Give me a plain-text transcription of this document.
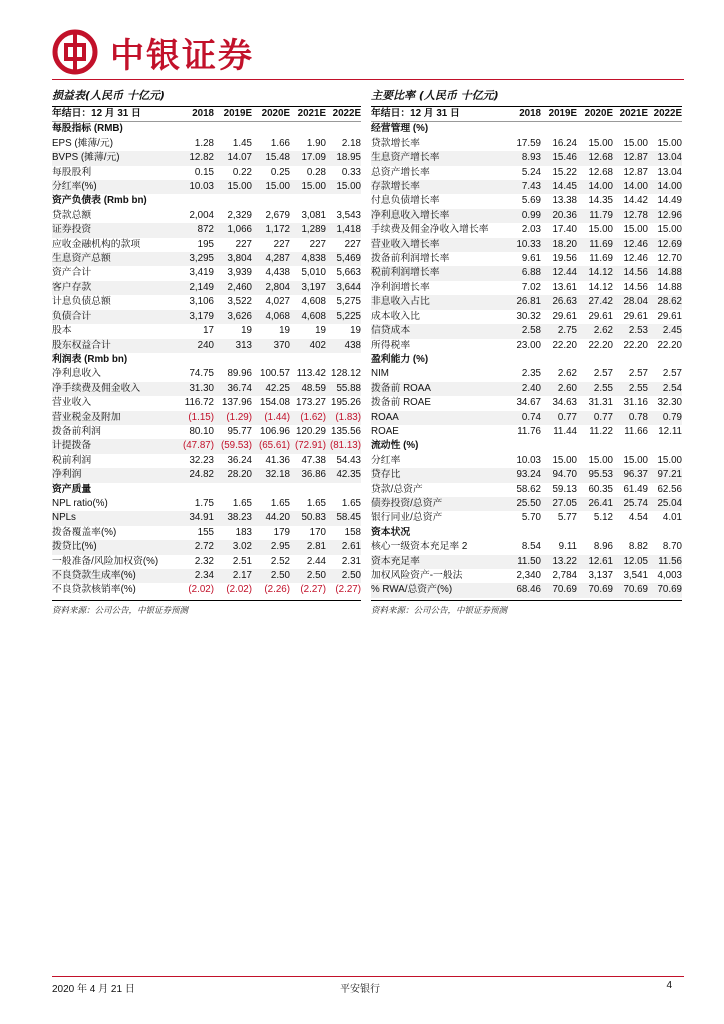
中银证券
损益表(人民币 十亿元)
年结日：12 月 31 日	2018	2019E	2020E	2021E	2022E
每股指标 (RMB)					
EPS (摊薄/元)	1.28	1.45	1.66	1.90	2.18
BVPS (摊薄/元)	12.82	14.07	15.48	17.09	18.95
每股股利	0.15	0.22	0.25	0.28	0.33
分红率(%)	10.03	15.00	15.00	15.00	15.00
资产负债表 (Rmb bn)					
贷款总额	2,004	2,329	2,679	3,081	3,543
证券投资	872	1,066	1,172	1,289	1,418
应收金融机构的款项	195	227	227	227	227
生息资产总额	3,295	3,804	4,287	4,838	5,469
资产合计	3,419	3,939	4,438	5,010	5,663
客户存款	2,149	2,460	2,804	3,197	3,644
计息负债总额	3,106	3,522	4,027	4,608	5,275
负债合计	3,179	3,626	4,068	4,608	5,225
股本	17	19	19	19	19
股东权益合计	240	313	370	402	438
利润表 (Rmb bn)					
净利息收入	74.75	89.96	100.57	113.42	128.12
净手续费及佣金收入	31.30	36.74	42.25	48.59	55.88
营业收入	116.72	137.96	154.08	173.27	195.26
营业税金及附加	(1.15)	(1.29)	(1.44)	(1.62)	(1.83)
拨备前利润	80.10	95.77	106.96	120.29	135.56
计提拨备	(47.87)	(59.53)	(65.61)	(72.91)	(81.13)
税前利润	32.23	36.24	41.36	47.38	54.43
净利润	24.82	28.20	32.18	36.86	42.35
资产质量					
NPL ratio(%)	1.75	1.65	1.65	1.65	1.65
NPLs	34.91	38.23	44.20	50.83	58.45
拨备覆盖率(%)	155	183	179	170	158
拨贷比(%)	2.72	3.02	2.95	2.81	2.61
一般准备/风险加权资(%)	2.32	2.51	2.52	2.44	2.31
不良贷款生成率(%)	2.34	2.17	2.50	2.50	2.50
不良贷款核销率(%)	(2.02)	(2.02)	(2.26)	(2.27)	(2.27)
资料来源：公司公告，中银证券预测
主要比率 (人民币 十亿元)
年结日：12 月 31 日	2018	2019E	2020E	2021E	2022E
经营管理 (%)					
贷款增长率	17.59	16.24	15.00	15.00	15.00
生息资产增长率	8.93	15.46	12.68	12.87	13.04
总资产增长率	5.24	15.22	12.68	12.87	13.04
存款增长率	7.43	14.45	14.00	14.00	14.00
付息负债增长率	5.69	13.38	14.35	14.42	14.49
净利息收入增长率	0.99	20.36	11.79	12.78	12.96
手续费及佣金净收入增长率	2.03	17.40	15.00	15.00	15.00
营业收入增长率	10.33	18.20	11.69	12.46	12.69
拨备前利润增长率	9.61	19.56	11.69	12.46	12.70
税前利润增长率	6.88	12.44	14.12	14.56	14.88
净利润增长率	7.02	13.61	14.12	14.56	14.88
非息收入占比	26.81	26.63	27.42	28.04	28.62
成本收入比	30.32	29.61	29.61	29.61	29.61
信贷成本	2.58	2.75	2.62	2.53	2.45
所得税率	23.00	22.20	22.20	22.20	22.20
盈利能力 (%)					
NIM	2.35	2.62	2.57	2.57	2.57
拨备前 ROAA	2.40	2.60	2.55	2.55	2.54
拨备前 ROAE	34.67	34.63	31.31	31.16	32.30
ROAA	0.74	0.77	0.77	0.78	0.79
ROAE	11.76	11.44	11.22	11.66	12.11
流动性 (%)					
分红率	10.03	15.00	15.00	15.00	15.00
贷存比	93.24	94.70	95.53	96.37	97.21
贷款/总资产	58.62	59.13	60.35	61.49	62.56
债券投资/总资产	25.50	27.05	26.41	25.74	25.04
银行同业/总资产	5.70	5.77	5.12	4.54	4.01
资本状况					
核心一级资本充足率 2	8.54	9.11	8.96	8.82	8.70
资本充足率	11.50	13.22	12.61	12.05	11.56
加权风险资产-一般法	2,340	2,784	3,137	3,541	4,003
% RWA/总资产(%)	68.46	70.69	70.69	70.69	70.69
资料来源：公司公告，中银证券预测
2020 年 4 月 21 日	平安银行	4
